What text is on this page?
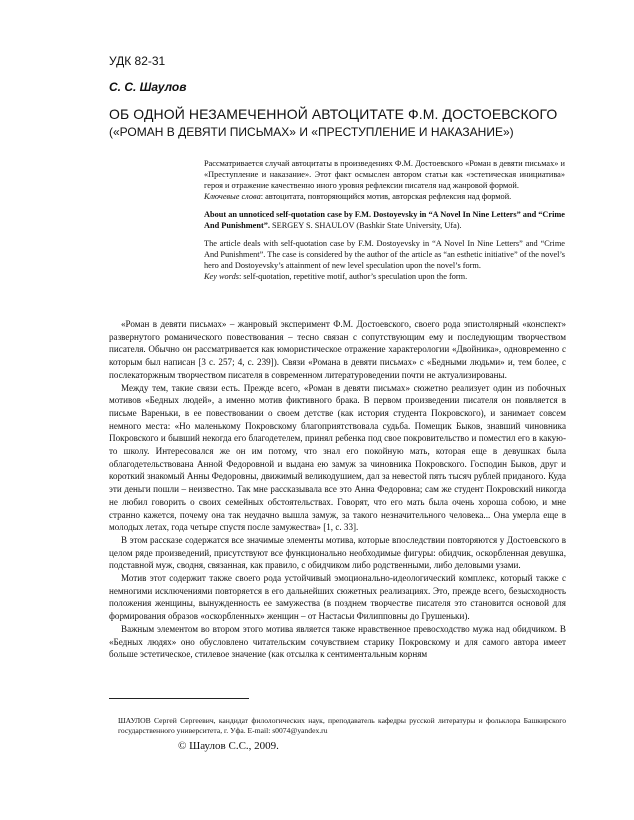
УДК 82-31
С. С. Шаулов
ОБ ОДНОЙ НЕЗАМЕЧЕННОЙ АВТОЦИТАТЕ Ф.М. ДОСТОЕВСКОГО
(«РОМАН В ДЕВЯТИ ПИСЬМАХ» И «ПРЕСТУПЛЕНИЕ И НАКАЗАНИЕ»)

Рассматривается случай автоцитаты в произведениях Ф.М. Достоевского «Роман в девяти письмах» и «Преступление и наказание». Этот факт осмыслен автором статьи как «эстетическая инициатива» героя и отражение качественно иного уровня рефлексии писателя над жанровой формой.

Ключевые слова: автоцитата, повторяющийся мотив, авторская рефлексия над формой.

About an unnoticed self-quotation case by F.M. Dostoyevsky in “A Novel In Nine Letters” and “Crime And Punishment”. SERGEY S. SHAULOV (Bashkir State University, Ufa).

The article deals with self-quotation case by F.M. Dostoyevsky in “A Novel In Nine Letters” and “Crime And Punishment”. The case is considered by the author of the article as “an esthetic initiative” of the novel’s hero and Dostoyevsky’s attainment of new level speculation upon the novel’s form.

Key words: self-quotation, repetitive motif, author’s speculation upon the form.

«Роман в девяти письмах» – жанровый эксперимент Ф.М. Достоевского, своего рода эпистолярный «конспект» развернутого романического повествования – тесно связан с сопутствующим ему и последующим творчеством писателя. Обычно он рассматривается как юмористическое отражение характерологии «Двойника», одновременно с которым был написан [3 с. 257; 4, с. 239]). Связи «Романа в девяти письмах» с «Бедными людьми» и, тем более, с послекаторжным творчеством писателя в современном литературоведении почти не актуализированы.

Между тем, такие связи есть. Прежде всего, «Роман в девяти письмах» сюжетно реализует один из побочных мотивов «Бедных людей», а именно мотив фиктивного брака. В первом произведении писателя он появляется в письме Вареньки, в ее повествовании о своем детстве (как история студента Покровского), и занимает совсем немного места: «Но маленькому Покровскому благоприятствовала судьба. Помещик Быков, знавший чиновника Покровского и бывший некогда его благодетелем, принял ребенка под свое покровительство и поместил его в какую-то школу. Интересовался же он им потому, что знал его покойную мать, которая еще в девушках была облагодетельствована Анной Федоровной и выдана ею замуж за чиновника Покровского. Господин Быков, друг и короткий знакомый Анны Федоровны, движимый великодушием, дал за невестой пять тысяч рублей приданого. Куда эти деньги пошли – неизвестно. Так мне рассказывала все это Анна Федоровна; сам же студент Покровский никогда не любил говорить о своих семейных обстоятельствах. Говорят, что его мать была очень хороша собою, и мне странно кажется, почему она так неудачно вышла замуж, за такого незначительного человека... Она умерла еще в молодых летах, года четыре спустя после замужества» [1, с. 33].

В этом рассказе содержатся все значимые элементы мотива, которые впоследствии повторяются у Достоевского в целом ряде произведений, присутствуют все функционально необходимые фигуры: обидчик, оскорбленная девушка, подставной муж, сводня, связанная, как правило, с обидчиком либо родственными, либо деловыми узами.

Мотив этот содержит также своего рода устойчивый эмоционально-идеологический комплекс, который также с немногими исключениями повторяется в его дальнейших сюжетных реализациях. Это, прежде всего, безысходность положения женщины, вынужденность ее замужества (в позднем творчестве писателя это становится основой для формирования образов «оскорбленных» женщин – от Настасьи Филипповны до Грушеньки).

Важным элементом во втором этого мотива является также нравственное превосходство мужа над обидчиком. В «Бедных людях» оно обусловлено читательским сочувствием старику Покровскому и для самого автора имеет больше эстетическое, стилевое значение (как отсылка к сентиментальным корням

ШАУЛОВ Сергей Сергеевич, кандидат филологических наук, преподаватель кафедры русской литературы и фольклора Башкирского государственного университета, г. Уфа. E-mail: s0074@yandex.ru
© Шаулов С.С., 2009.
